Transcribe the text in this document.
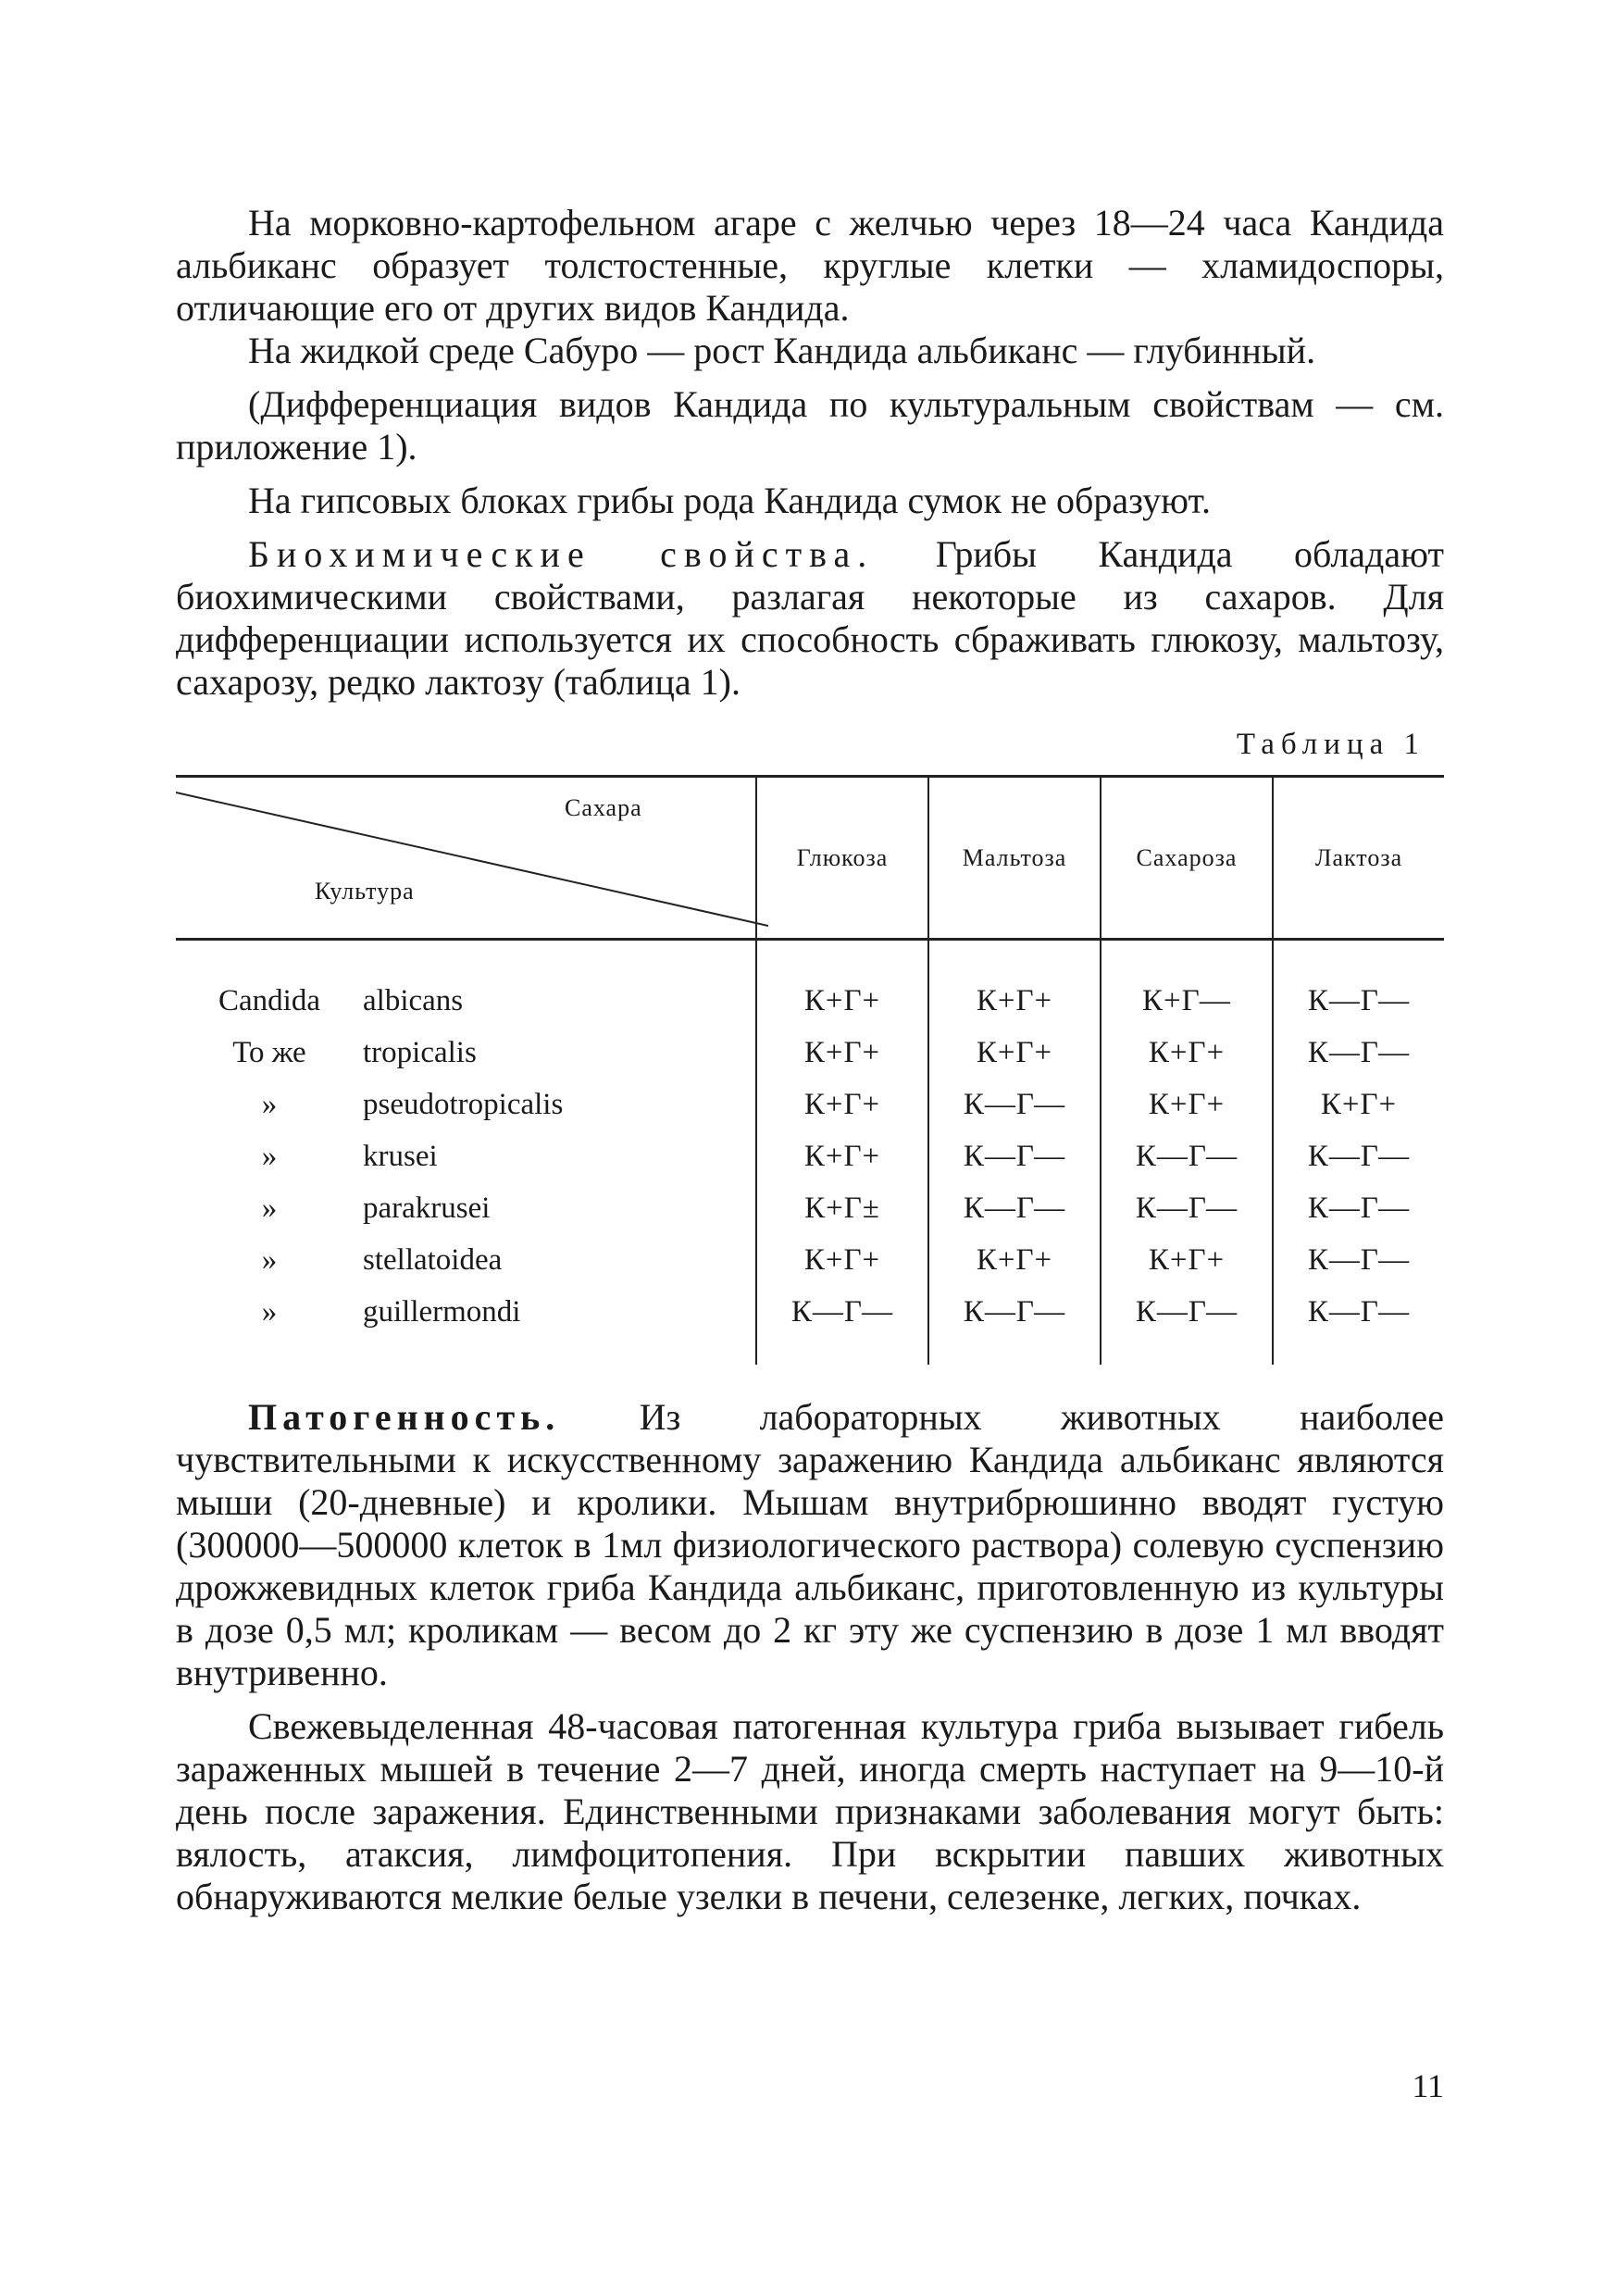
На морковно-картофельном агаре с желчью через 18—24 часа Кандида альбиканс образует толстостенные, круглые клетки — хламидоспоры, отличающие его от других видов Кандида.

На жидкой среде Сабуро — рост Кандида альбиканс — глубинный.

(Дифференциация видов Кандида по культуральным свойствам — см. приложение 1).

На гипсовых блоках грибы рода Кандида сумок не образуют.

Биохимические свойства. Грибы Кандида обладают биохимическими свойствами, разлагая некоторые из сахаров. Для дифференциации используется их способность сбраживать глюкозу, мальтозу, сахарозу, редко лактозу (таблица 1).

Таблица 1
Сахара
Культура		Глюкоза	Мальтоза	Сахароза	Лактоза
Candida	albicans	К+Г+	К+Г+	К+Г—	К—Г—
То же	tropicalis	К+Г+	К+Г+	К+Г+	К—Г—
»	pseudotropicalis	К+Г+	К—Г—	К+Г+	К+Г+
»	krusei	К+Г+	К—Г—	К—Г—	К—Г—
»	parakrusei	К+Г±	К—Г—	К—Г—	К—Г—
»	stellatoidea	К+Г+	К+Г+	К+Г+	К—Г—
»	guillermondi	К—Г—	К—Г—	К—Г—	К—Г—

Патогенность. Из лабораторных животных наиболее чувствительными к искусственному заражению Кандида альбиканс являются мыши (20-дневные) и кролики. Мышам внутрибрюшинно вводят густую (300000—500000 клеток в 1мл физиологического раствора) солевую суспензию дрожжевидных клеток гриба Кандида альбиканс, приготовленную из культуры в дозе 0,5 мл; кроликам — весом до 2 кг эту же суспензию в дозе 1 мл вводят внутривенно.

Свежевыделенная 48-часовая патогенная культура гриба вызывает гибель зараженных мышей в течение 2—7 дней, иногда смерть наступает на 9—10-й день после заражения. Единственными признаками заболевания могут быть: вялость, атаксия, лимфоцитопения. При вскрытии павших животных обнаруживаются мелкие белые узелки в печени, селезенке, легких, почках.

11
